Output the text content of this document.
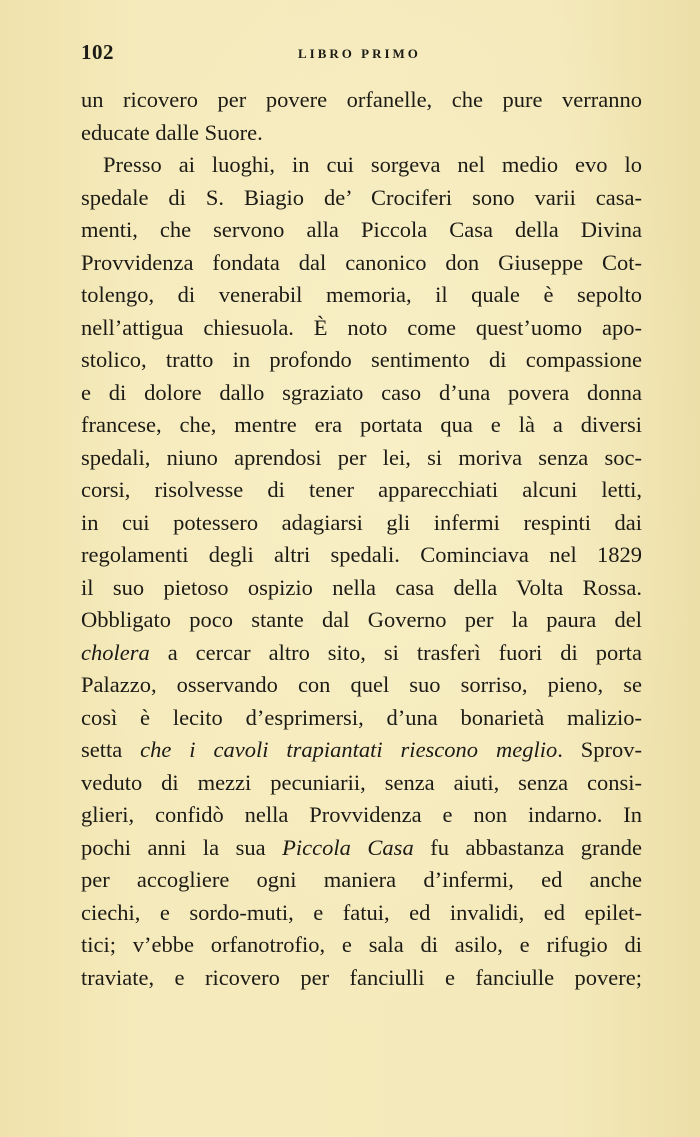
102	LIBRO PRIMO
un ricovero per povere orfanelle, che pure verranno
educate dalle Suore.
Presso ai luoghi, in cui sorgeva nel medio evo lo
spedale di S. Biagio de’ Crociferi sono varii casa-
menti, che servono alla Piccola Casa della Divina
Provvidenza fondata dal canonico don Giuseppe Cot-
tolengo, di venerabil memoria, il quale è sepolto
nell’attigua chiesuola. È noto come quest’uomo apo-
stolico, tratto in profondo sentimento di compassione
e di dolore dallo sgraziato caso d’una povera donna
francese, che, mentre era portata qua e là a diversi
spedali, niuno aprendosi per lei, si moriva senza soc-
corsi, risolvesse di tener apparecchiati alcuni letti,
in cui potessero adagiarsi gli infermi respinti dai
regolamenti degli altri spedali. Cominciava nel 1829
il suo pietoso ospizio nella casa della Volta Rossa.
Obbligato poco stante dal Governo per la paura del
cholera a cercar altro sito, si trasferì fuori di porta
Palazzo, osservando con quel suo sorriso, pieno, se
così è lecito d’esprimersi, d’una bonarietà malizio-
setta che i cavoli trapiantati riescono meglio. Sprov-
veduto di mezzi pecuniarii, senza aiuti, senza consi-
glieri, confidò nella Provvidenza e non indarno. In
pochi anni la sua Piccola Casa fu abbastanza grande
per accogliere ogni maniera d’infermi, ed anche
ciechi, e sordo-muti, e fatui, ed invalidi, ed epilet-
tici; v’ebbe orfanotrofio, e sala di asilo, e rifugio di
traviate, e ricovero per fanciulli e fanciulle povere;
